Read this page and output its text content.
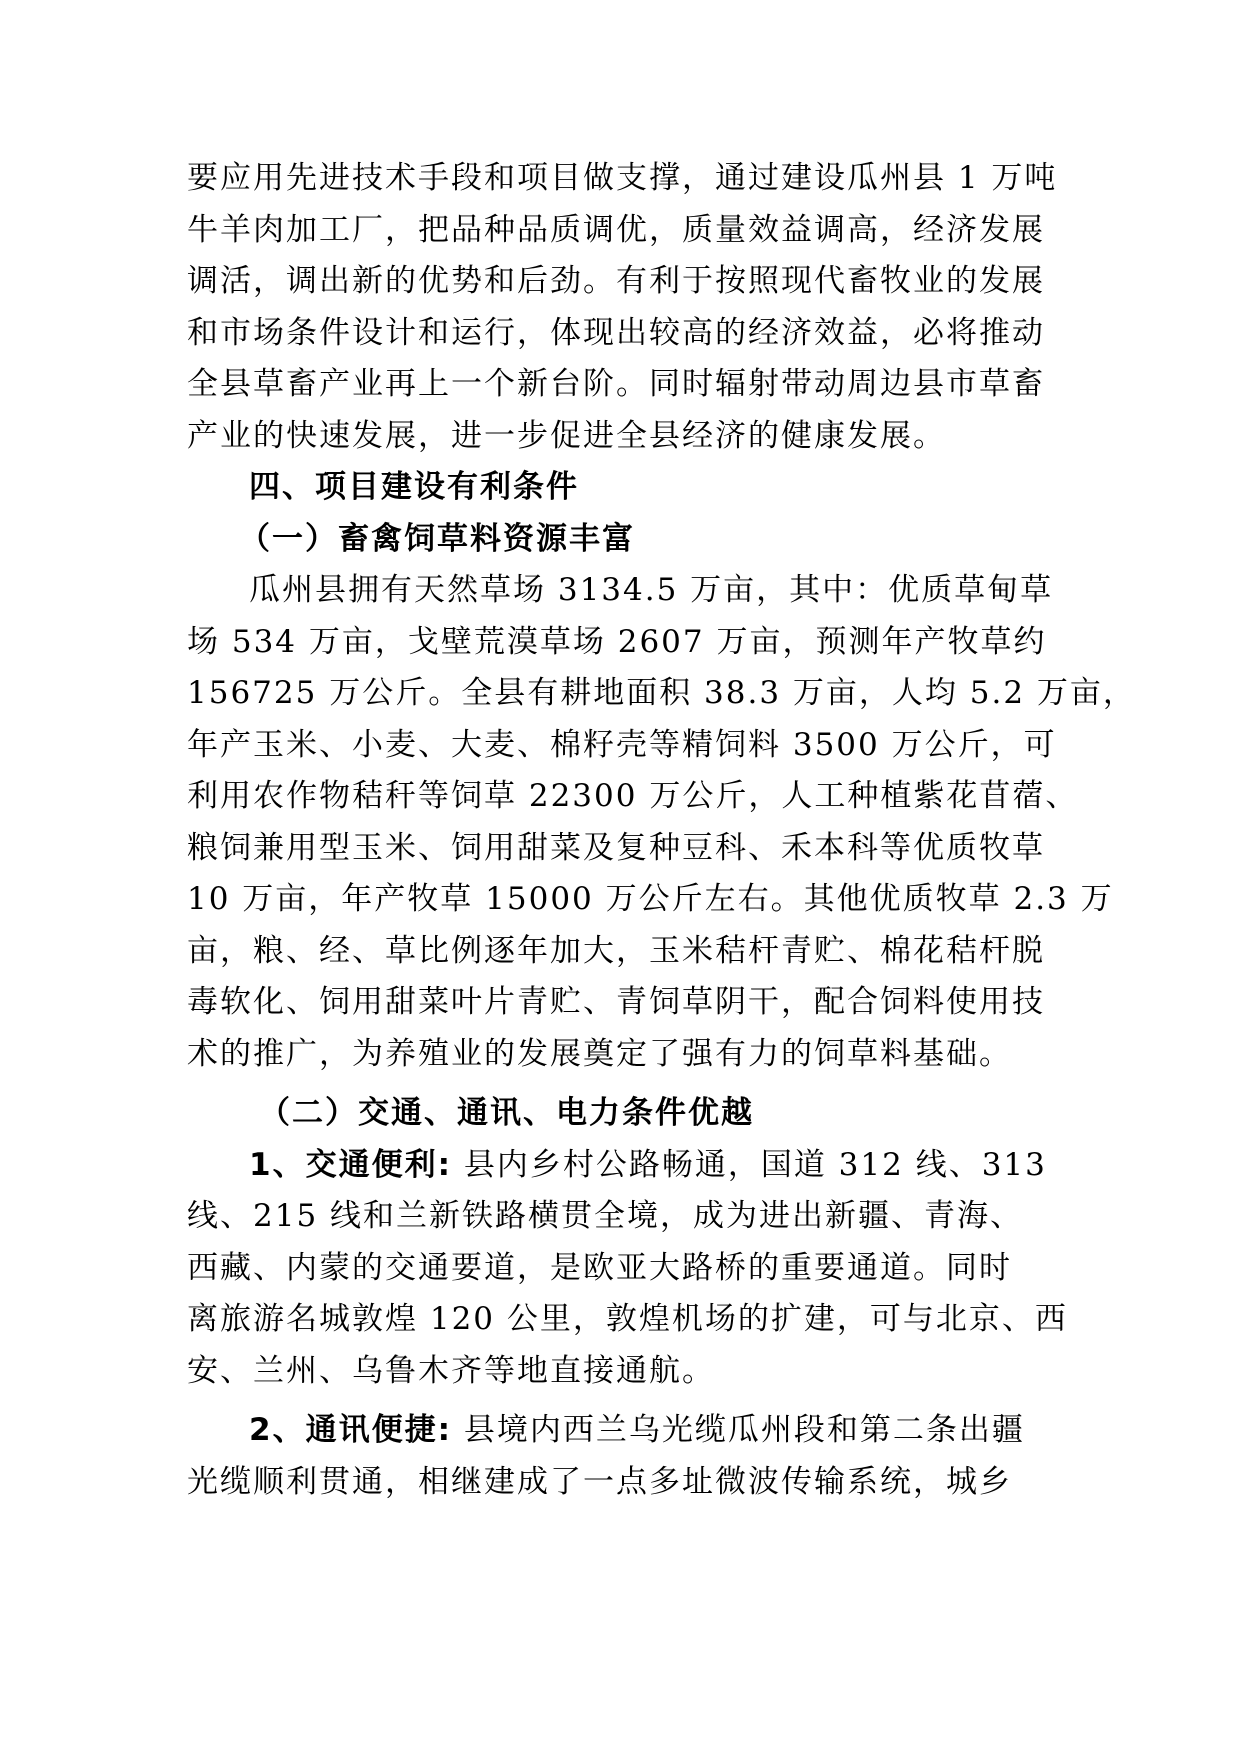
要应用先进技术手段和项目做支撑，通过建设瓜州县 1 万吨

牛羊肉加工厂，把品种品质调优，质量效益调高，经济发展

调活，调出新的优势和后劲。有利于按照现代畜牧业的发展

和市场条件设计和运行，体现出较高的经济效益，必将推动

全县草畜产业再上一个新台阶。同时辐射带动周边县市草畜

产业的快速发展，进一步促进全县经济的健康发展。

四、项目建设有利条件

（一）畜禽饲草料资源丰富

瓜州县拥有天然草场 3134.5 万亩，其中：优质草甸草

场 534 万亩，戈壁荒漠草场 2607 万亩，预测年产牧草约

156725 万公斤。全县有耕地面积 38.3 万亩，人均 5.2 万亩，

年产玉米、小麦、大麦、棉籽壳等精饲料 3500 万公斤，可

利用农作物秸秆等饲草 22300 万公斤，人工种植紫花苜蓿、

粮饲兼用型玉米、饲用甜菜及复种豆科、禾本科等优质牧草

10 万亩，年产牧草 15000 万公斤左右。其他优质牧草 2.3 万

亩，粮、经、草比例逐年加大，玉米秸杆青贮、棉花秸杆脱

毒软化、饲用甜菜叶片青贮、青饲草阴干，配合饲料使用技

术的推广，为养殖业的发展奠定了强有力的饲草料基础。

（二）交通、通讯、电力条件优越

1、交通便利: 县内乡村公路畅通，国道 312 线、313

线、215 线和兰新铁路横贯全境，成为进出新疆、青海、

西藏、内蒙的交通要道，是欧亚大路桥的重要通道。同时

离旅游名城敦煌 120 公里，敦煌机场的扩建，可与北京、西

安、兰州、乌鲁木齐等地直接通航。

2、通讯便捷: 县境内西兰乌光缆瓜州段和第二条出疆

光缆顺利贯通，相继建成了一点多址微波传输系统，城乡
